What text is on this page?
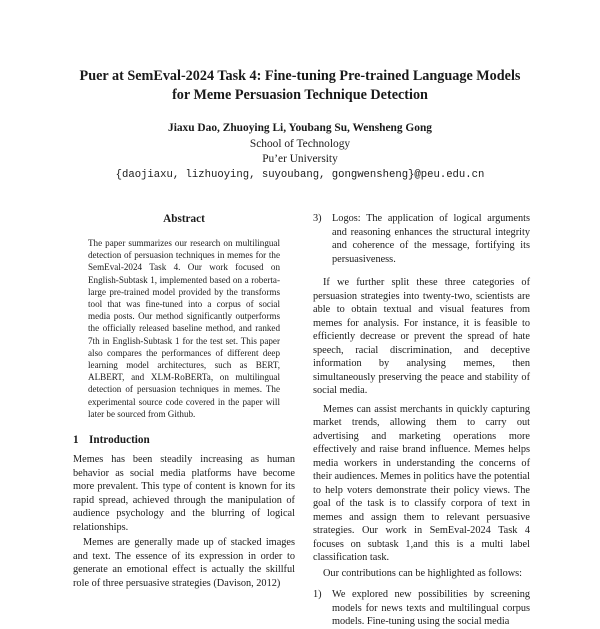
Puer at SemEval-2024 Task 4: Fine-tuning Pre-trained Language Models
for Meme Persuasion Technique Detection
Jiaxu Dao, Zhuoying Li, Youbang Su, Wensheng Gong
School of Technology
Pu’er University
{daojiaxu, lizhuoying, suyoubang, gongwensheng}@peu.edu.cn
Abstract

The paper summarizes our research on multilingual detection of persuasion techniques in memes for the SemEval-2024 Task 4. Our work focused on English-Subtask 1, implemented based on a roberta-large pre-trained model provided by the transforms tool that was fine-tuned into a corpus of social media posts. Our method significantly outperforms the officially released baseline method, and ranked 7th in English-Subtask 1 for the test set. This paper also compares the performances of different deep learning model architectures, such as BERT, ALBERT, and XLM-RoBERTa, on multilingual detection of persuasion techniques in memes. The experimental source code covered in the paper will later be sourced from Github.

1 Introduction

Memes has been steadily increasing as human behavior as social media platforms have become more prevalent. This type of content is known for its rapid spread, achieved through the manipulation of audience psychology and the blurring of logical relationships.

Memes are generally made up of stacked images and text. The essence of its expression in order to generate an emotional effect is actually the skillful role of three persuasive strategies (Davison, 2012)

3)	Logos: The application of logical arguments and reasoning enhances the structural integrity and coherence of the message, fortifying its persuasiveness.

If we further split these three categories of persuasion strategies into twenty-two, scientists are able to obtain textual and visual features from memes for analysis. For instance, it is feasible to efficiently decrease or prevent the spread of hate speech, racial discrimination, and deceptive information by analysing memes, then simultaneously preserving the peace and stability of social media.

Memes can assist merchants in quickly capturing market trends, allowing them to carry out advertising and marketing operations more effectively and raise brand influence. Memes helps media workers in understanding the concerns of their audiences. Memes in politics have the potential to help voters demonstrate their policy views. The goal of the task is to classify corpora of text in memes and assign them to relevant persuasive strategies. Our work in SemEval-2024 Task 4 focuses on subtask 1,and this is a multi label classification task.

Our contributions can be highlighted as follows:

1)	We explored new possibilities by screening models for news texts and multilingual corpus models. Fine-tuning using the social media
